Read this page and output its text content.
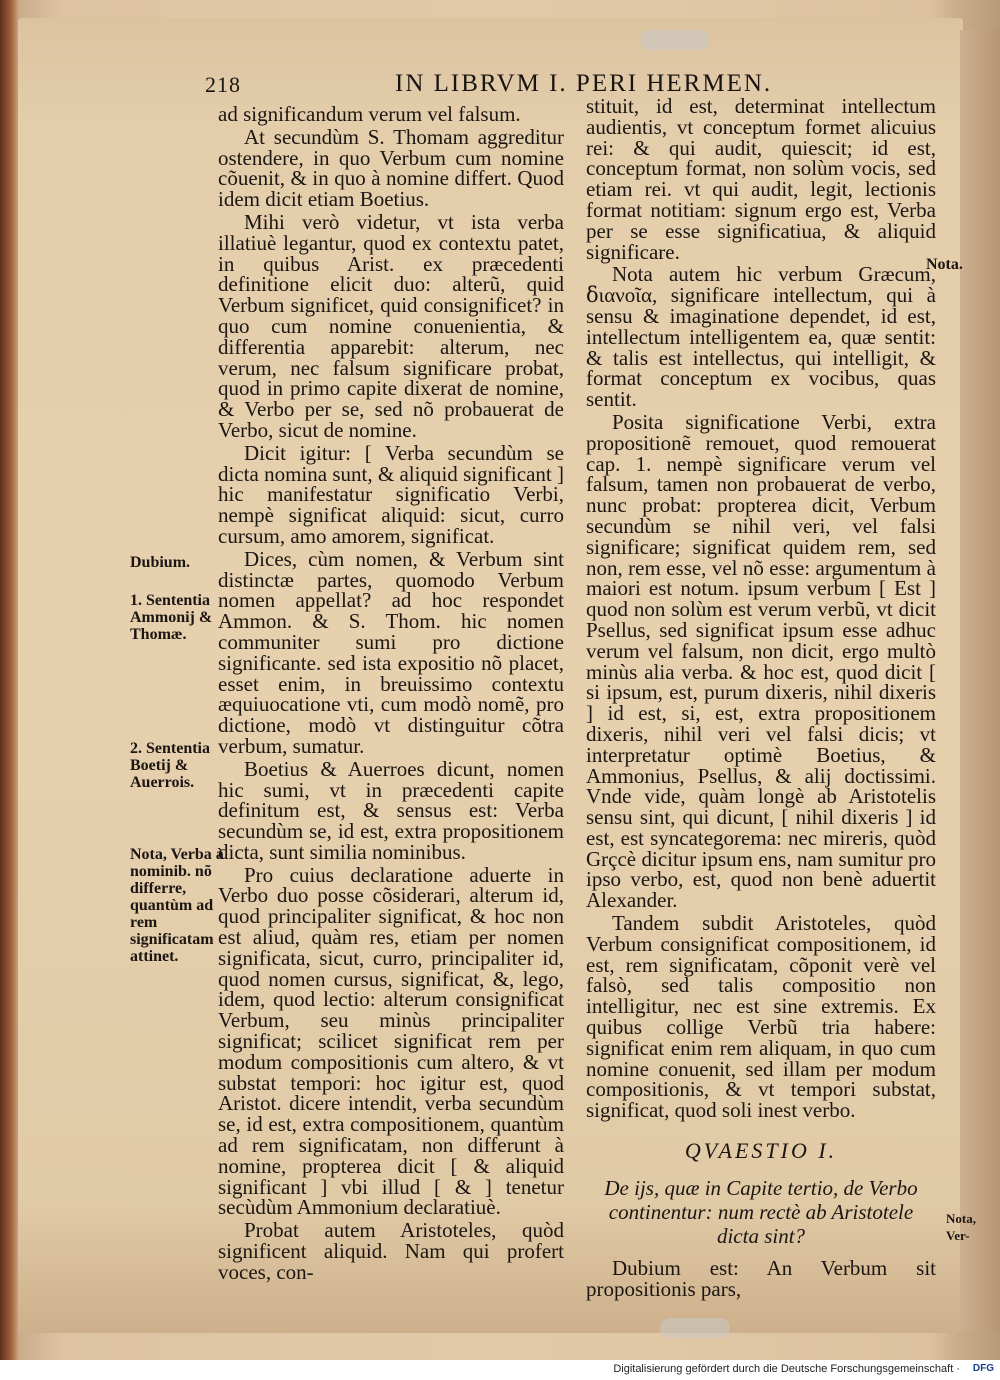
218	IN LIBRVM I. PERI HERMEN.
Dubium.
1. Sententia Ammonij & Thomæ.
2. Sententia Boetij & Auerrois.
Nota, Verba à nominib. nõ differre, quantùm ad rem significatam attinet.
Nota.
Nota, Ver-

ad significandum verum vel falsum.

At secundùm S. Thomam aggreditur ostendere, in quo Verbum cum nomine cõuenit, & in quo à nomine differt. Quod idem dicit etiam Boetius.

Mihi verò videtur, vt ista verba illatiuè legantur, quod ex contextu patet, in quibus Arist. ex præcedenti definitione elicit duo: alterũ, quid Verbum significet, quid consignificet? in quo cum nomine conuenientia, & differentia apparebit: alterum, nec verum, nec falsum significare probat, quod in primo capite dixerat de nomine, & Verbo per se, sed nõ probauerat de Verbo, sicut de nomine.

Dicit igitur: [ Verba secundùm se dicta nomina sunt, & aliquid significant ] hic manifestatur significatio Verbi, nempè significat aliquid: sicut, curro cursum, amo amorem, significat.

Dices, cùm nomen, & Verbum sint distinctæ partes, quomodo Verbum nomen appellat? ad hoc respondet Ammon. & S. Thom. hic nomen communiter sumi pro dictione significante. sed ista expositio nõ placet, esset enim, in breuissimo contextu æquiuocatione vti, cum modò nomẽ, pro dictione, modò vt distinguitur cõtra verbum, sumatur.

Boetius & Auerroes dicunt, nomen hic sumi, vt in præcedenti capite definitum est, & sensus est: Verba secundùm se, id est, extra propositionem dicta, sunt similia nominibus.

Pro cuius declaratione aduerte in Verbo duo posse cõsiderari, alterum id, quod principaliter significat, & hoc non est aliud, quàm res, etiam per nomen significata, sicut, curro, principaliter id, quod nomen cursus, significat, &, lego, idem, quod lectio: alterum consignificat Verbum, seu minùs principaliter significat; scilicet significat rem per modum compositionis cum altero, & vt substat tempori: hoc igitur est, quod Aristot. dicere intendit, verba secundùm se, id est, extra compositionem, quantùm ad rem significatam, non differunt à nomine, propterea dicit [ & aliquid significant ] vbi illud [ & ] tenetur secùdùm Ammonium declaratiuè.

Probat autem Aristoteles, quòd significent aliquid. Nam qui profert voces, con-

stituit, id est, determinat intellectum audientis, vt conceptum formet alicuius rei: & qui audit, quiescit; id est, conceptum format, non solùm vocis, sed etiam rei. vt qui audit, legit, lectionis format notitiam: signum ergo est, Verba per se esse significatiua, & aliquid significare.

Nota autem hic verbum Græcum, ẟιανοῖα, significare intellectum, qui à sensu & imaginatione dependet, id est, intellectum intelligentem ea, quæ sentit: & talis est intellectus, qui intelligit, & format conceptum ex vocibus, quas sentit.

Posita significatione Verbi, extra propositionẽ remouet, quod remouerat cap. 1. nempè significare verum vel falsum, tamen non probauerat de verbo, nunc probat: propterea dicit, Verbum secundùm se nihil veri, vel falsi significare; significat quidem rem, sed non, rem esse, vel nõ esse: argumentum à maiori est notum. ipsum verbum [ Est ] quod non solùm est verum verbũ, vt dicit Psellus, sed significat ipsum esse adhuc verum vel falsum, non dicit, ergo multò minùs alia verba. & hoc est, quod dicit [ si ipsum, est, purum dixeris, nihil dixeris ] id est, si, est, extra propositionem dixeris, nihil veri vel falsi dicis; vt interpretatur optimè Boetius, & Ammonius, Psellus, & alij doctissimi. Vnde vide, quàm longè ab Aristotelis sensu sint, qui dicunt, [ nihil dixeris ] id est, est syncategorema: nec mireris, quòd Grçcè dicitur ipsum ens, nam sumitur pro ipso verbo, est, quod non benè aduertit Alexander.

Tandem subdit Aristoteles, quòd Verbum consignificat compositionem, id est, rem significatam, cõponit verè vel falsò, sed talis compositio non intelligitur, nec est sine extremis. Ex quibus collige Verbũ tria habere: significat enim rem aliquam, in quo cum nomine conuenit, sed illam per modum compositionis, & vt tempori substat, significat, quod soli inest verbo.

QVAESTIO I.
De ijs, quæ in Capite tertio, de Verbo continentur: num rectè ab Aristotele dicta sint?

Dubium est: An Verbum sit propositionis pars,

Digitalisierung gefördert durch die Deutsche Forschungsgemeinschaft · DFG
